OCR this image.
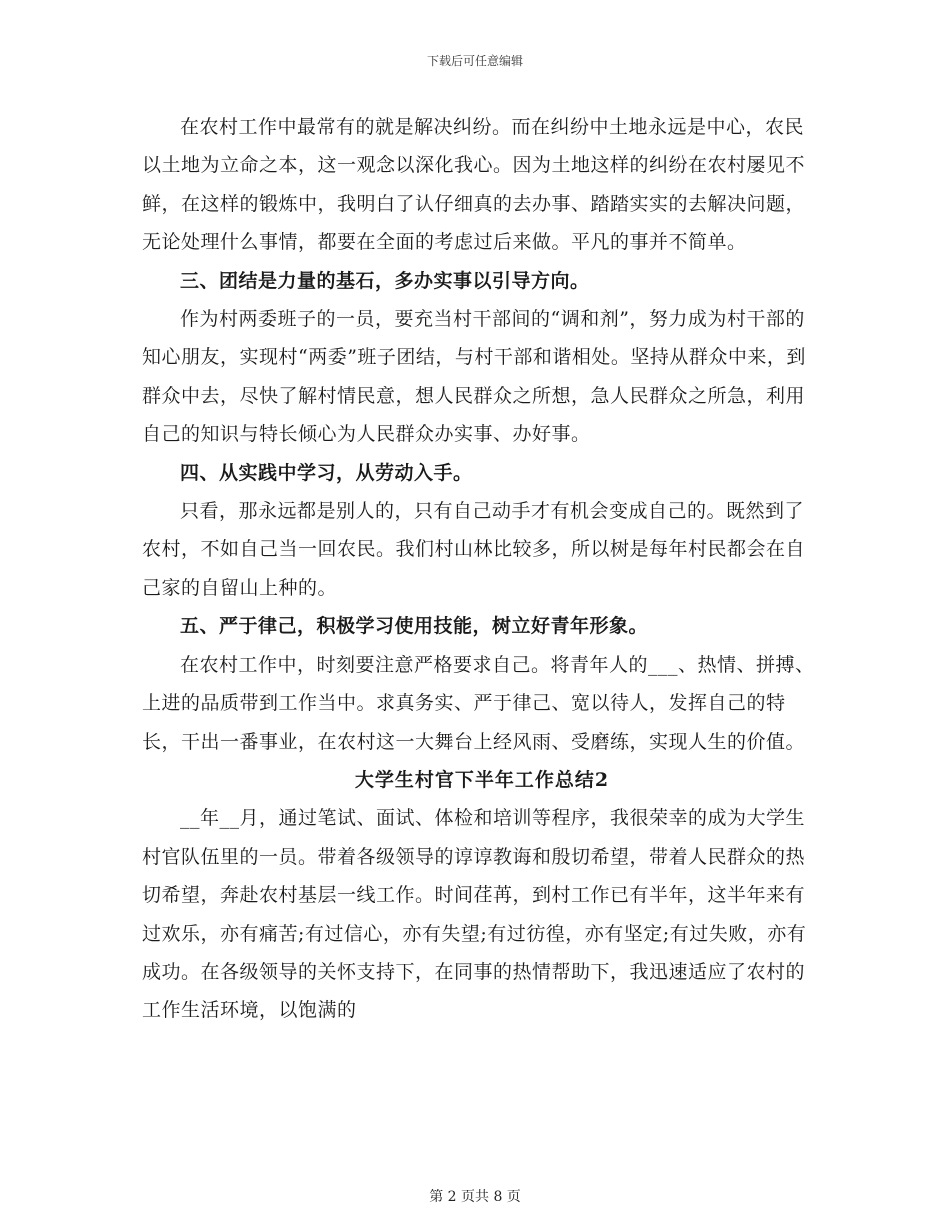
下载后可任意编辑

在农村工作中最常有的就是解决纠纷。而在纠纷中土地永远是中心，农民以土地为立命之本，这一观念以深化我心。因为土地这样的纠纷在农村屡见不鲜，在这样的锻炼中，我明白了认仔细真的去办事、踏踏实实的去解决问题，无论处理什么事情，都要在全面的考虑过后来做。平凡的事并不简单。

三、团结是力量的基石，多办实事以引导方向。

作为村两委班子的一员，要充当村干部间的“调和剂”，努力成为村干部的知心朋友，实现村“两委”班子团结，与村干部和谐相处。坚持从群众中来，到群众中去，尽快了解村情民意，想人民群众之所想，急人民群众之所急，利用自己的知识与特长倾心为人民群众办实事、办好事。

四、从实践中学习，从劳动入手。

只看，那永远都是别人的，只有自己动手才有机会变成自己的。既然到了农村，不如自己当一回农民。我们村山林比较多，所以树是每年村民都会在自己家的自留山上种的。

五、严于律己，积极学习使用技能，树立好青年形象。

在农村工作中，时刻要注意严格要求自己。将青年人的___、热情、拼搏、上进的品质带到工作当中。求真务实、严于律己、宽以待人，发挥自己的特长，干出一番事业，在农村这一大舞台上经风雨、受磨练，实现人生的价值。

大学生村官下半年工作总结2

__年__月，通过笔试、面试、体检和培训等程序，我很荣幸的成为大学生村官队伍里的一员。带着各级领导的谆谆教诲和殷切希望，带着人民群众的热切希望，奔赴农村基层一线工作。时间荏苒，到村工作已有半年，这半年来有过欢乐，亦有痛苦;有过信心，亦有失望;有过彷徨，亦有坚定;有过失败，亦有成功。在各级领导的关怀支持下，在同事的热情帮助下，我迅速适应了农村的工作生活环境，以饱满的

第 2 页共 8 页
